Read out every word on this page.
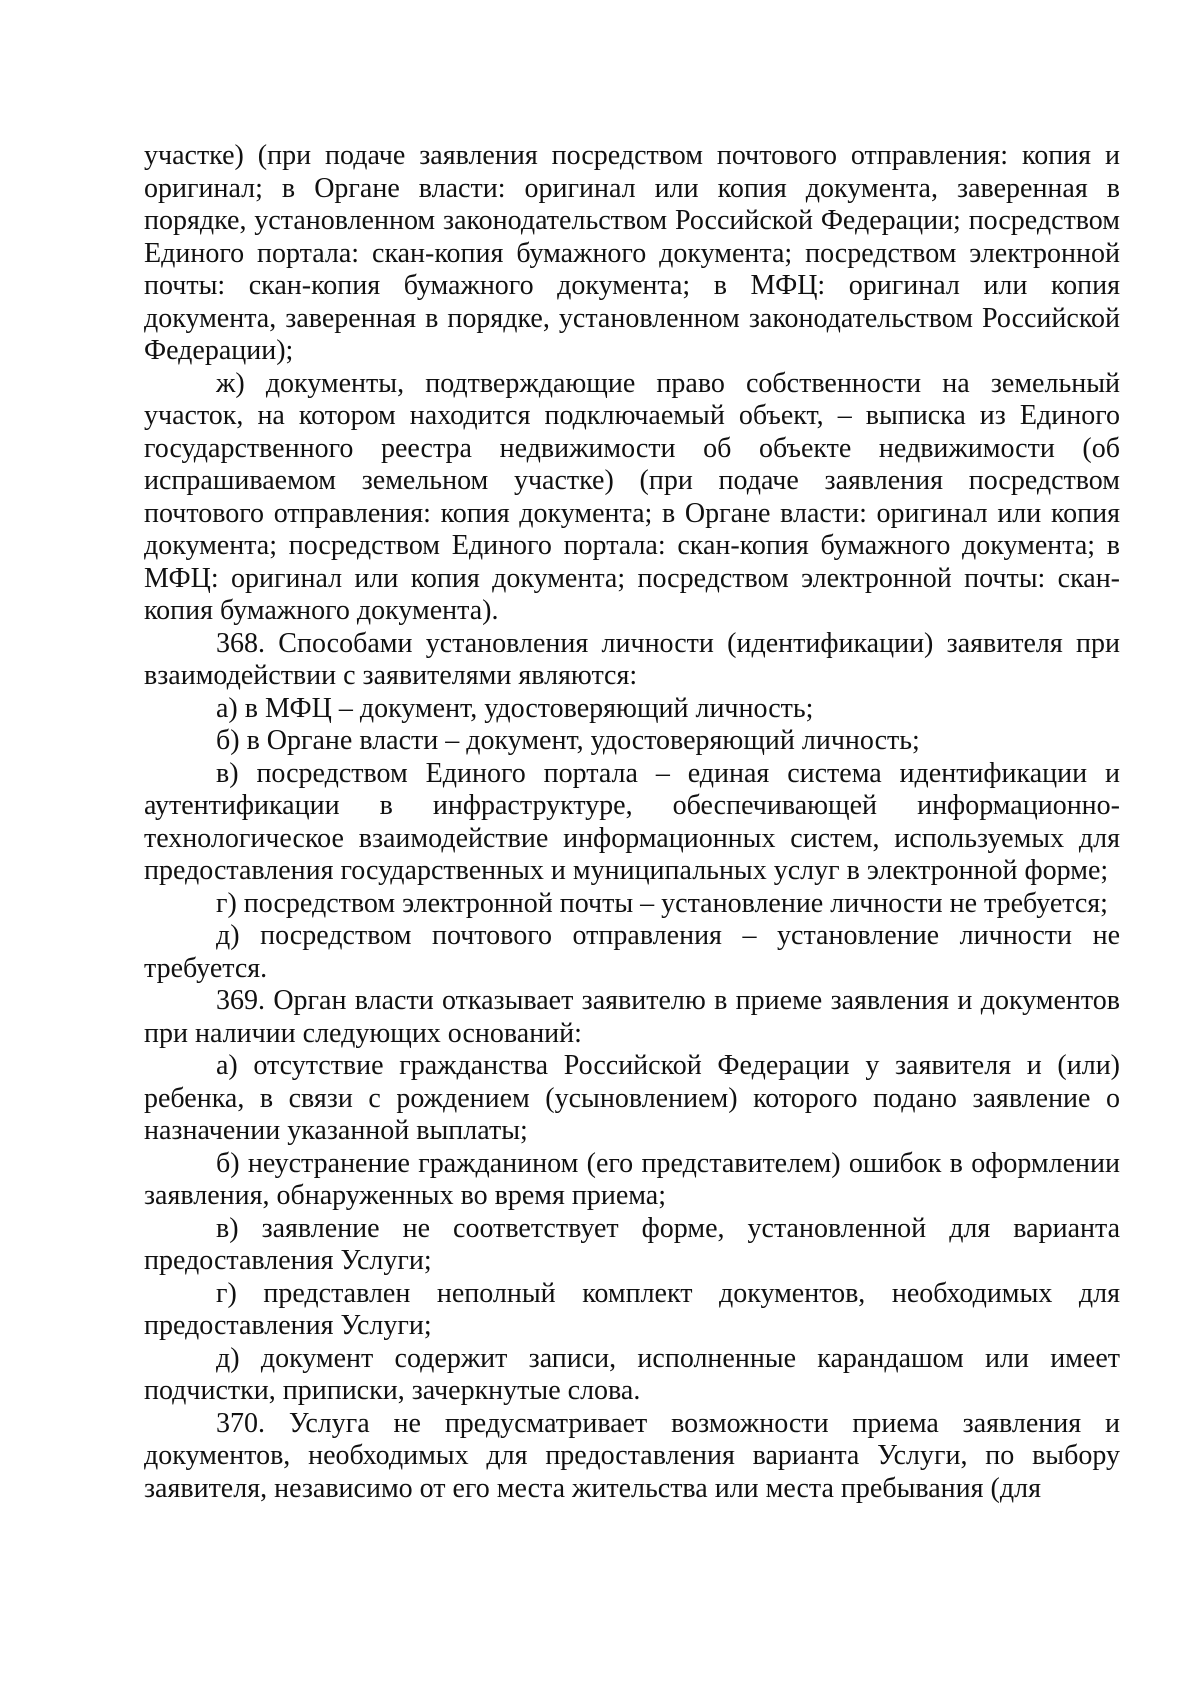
участке) (при подаче заявления посредством почтового отправления: копия и оригинал; в Органе власти: оригинал или копия документа, заверенная в порядке, установленном законодательством Российской Федерации; посредством Единого портала: скан-копия бумажного документа; посредством электронной почты: скан-копия бумажного документа; в МФЦ: оригинал или копия документа, заверенная в порядке, установленном законодательством Российской Федерации);

ж) документы, подтверждающие право собственности на земельный участок, на котором находится подключаемый объект, – выписка из Единого государственного реестра недвижимости об объекте недвижимости (об испрашиваемом земельном участке) (при подаче заявления посредством почтового отправления: копия документа; в Органе власти: оригинал или копия документа; посредством Единого портала: скан-копия бумажного документа; в МФЦ: оригинал или копия документа; посредством электронной почты: скан-копия бумажного документа).

368. Способами установления личности (идентификации) заявителя при взаимодействии с заявителями являются:

а) в МФЦ – документ, удостоверяющий личность;

б) в Органе власти – документ, удостоверяющий личность;

в) посредством Единого портала – единая система идентификации и аутентификации в инфраструктуре, обеспечивающей информационно-технологическое взаимодействие информационных систем, используемых для предоставления государственных и муниципальных услуг в электронной форме;

г) посредством электронной почты – установление личности не требуется;

д) посредством почтового отправления – установление личности не требуется.

369. Орган власти отказывает заявителю в приеме заявления и документов при наличии следующих оснований:

а) отсутствие гражданства Российской Федерации у заявителя и (или) ребенка, в связи с рождением (усыновлением) которого подано заявление о назначении указанной выплаты;

б) неустранение гражданином (его представителем) ошибок в оформлении заявления, обнаруженных во время приема;

в) заявление не соответствует форме, установленной для варианта предоставления Услуги;

г) представлен неполный комплект документов, необходимых для предоставления Услуги;

д) документ содержит записи, исполненные карандашом или имеет подчистки, приписки, зачеркнутые слова.

370. Услуга не предусматривает возможности приема заявления и документов, необходимых для предоставления варианта Услуги, по выбору заявителя, независимо от его места жительства или места пребывания (для
